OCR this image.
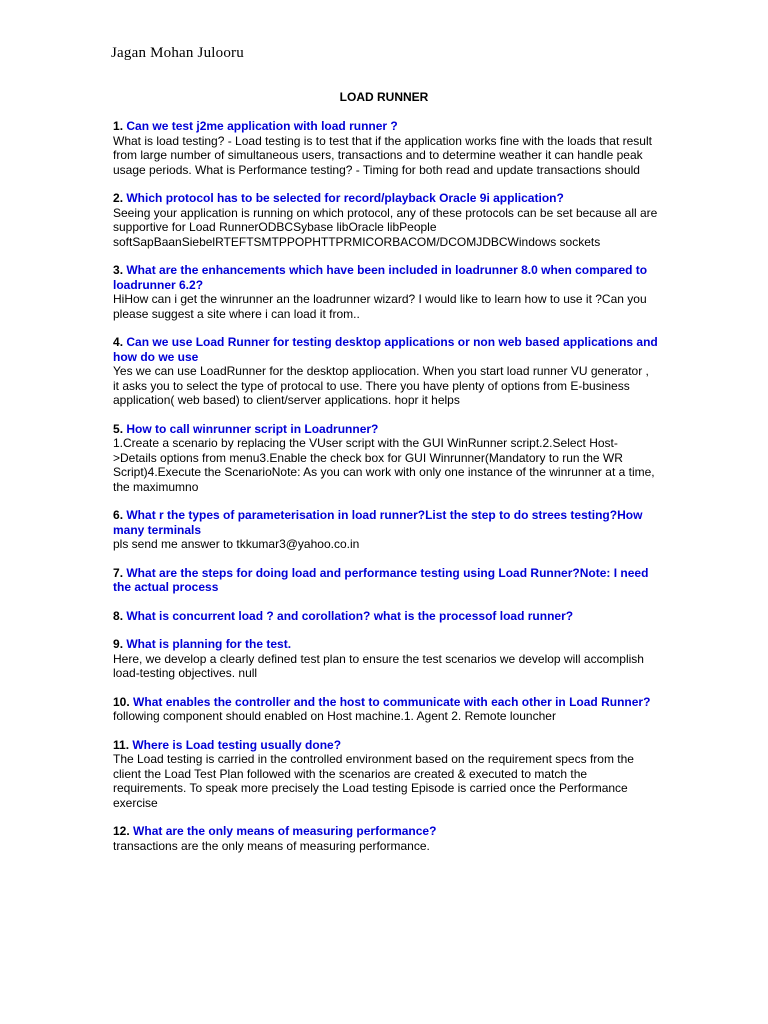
Jagan Mohan Julooru
LOAD RUNNER
1. Can we test j2me application with load runner ?
What is load testing? - Load testing is to test that if the application works fine with the loads that result from large number of simultaneous users, transactions and to determine weather it can handle peak usage periods. What is Performance testing? - Timing for both read and update transactions should
2. Which protocol has to be selected for record/playback Oracle 9i application?
Seeing your application is running on which protocol, any of these protocols can be set because all are supportive for Load RunnerODBCSybase libOracle libPeople softSapBaanSiebelRTEFTSMTPPOPHTTPRMICORBACOM/DCOMJDBCWindows sockets
3. What are the enhancements which have been included in loadrunner 8.0 when compared to loadrunner 6.2?
HiHow can i get the winrunner an the loadrunner wizard? I would like to learn how to use it ?Can you please suggest a site where i can load it from..
4. Can we use Load Runner for testing desktop applications or non web based applications and how do we use
Yes we can use LoadRunner for the desktop appliocation. When you start load runner VU generator , it asks you to select the type of protocal to use. There you have plenty of options from E-business application( web based) to client/server applications. hopr it helps
5. How to call winrunner script in Loadrunner?
1.Create a scenario by replacing the VUser script with the GUI WinRunner script.2.Select Host->Details options from menu3.Enable the check box for GUI Winrunner(Mandatory to run the WR Script)4.Execute the ScenarioNote: As you can work with only one instance of the winrunner at a time, the maximumno
6. What r the types of parameterisation in load runner?List the step to do strees testing?How many terminals
pls send me answer to tkkumar3@yahoo.co.in
7. What are the steps for doing load and performance testing using Load Runner?Note: I need the actual process
8. What is concurrent load ? and corollation? what is the processof load runner?
9. What is planning for the test.
Here, we develop a clearly defined test plan to ensure the test scenarios we develop will accomplish load-testing objectives. null
10. What enables the controller and the host to communicate with each other in Load Runner?
following component should enabled on Host machine.1. Agent 2. Remote louncher
11. Where is Load testing usually done?
The Load testing is carried in the controlled environment based on the requirement specs from the client the Load Test Plan followed with the scenarios are created & executed to match the requirements. To speak more precisely the Load testing Episode is carried once the Performance exercise
12. What are the only means of measuring performance?
transactions are the only means of measuring performance.
